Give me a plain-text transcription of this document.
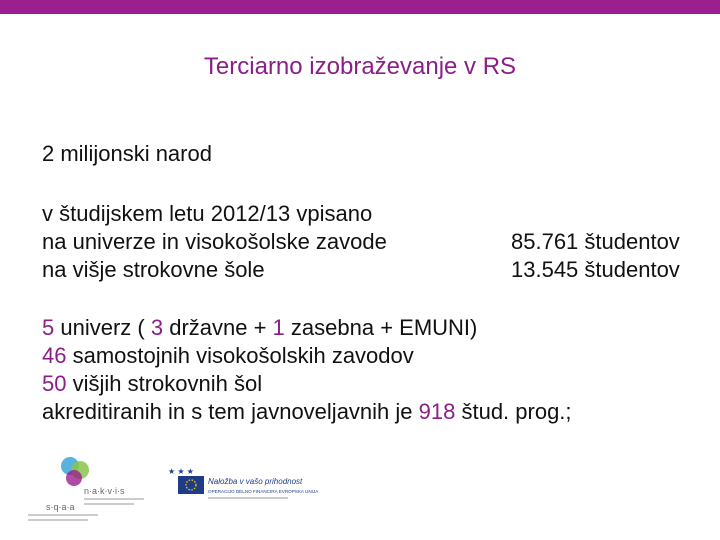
Terciarno izobraževanje v RS
2 milijonski narod
v študijskem letu 2012/13 vpisano
na univerze in visokošolske zavode	85.761 študentov
na višje strokovne šole	13.545 študentov
5 univerz ( 3 državne + 1 zasebna + EMUNI)
46 samostojnih visokošolskih zavodov
50 višjih strokovnih šol
akreditiranih in s tem javnoveljavnih je 918 štud. prog.;
n·a·k·v·i·s
s·q·a·a
★ ★ ★
Naložba v vašo prihodnost
OPERACIJO DELNO FINANCIRA EVROPSKA UNIJA
